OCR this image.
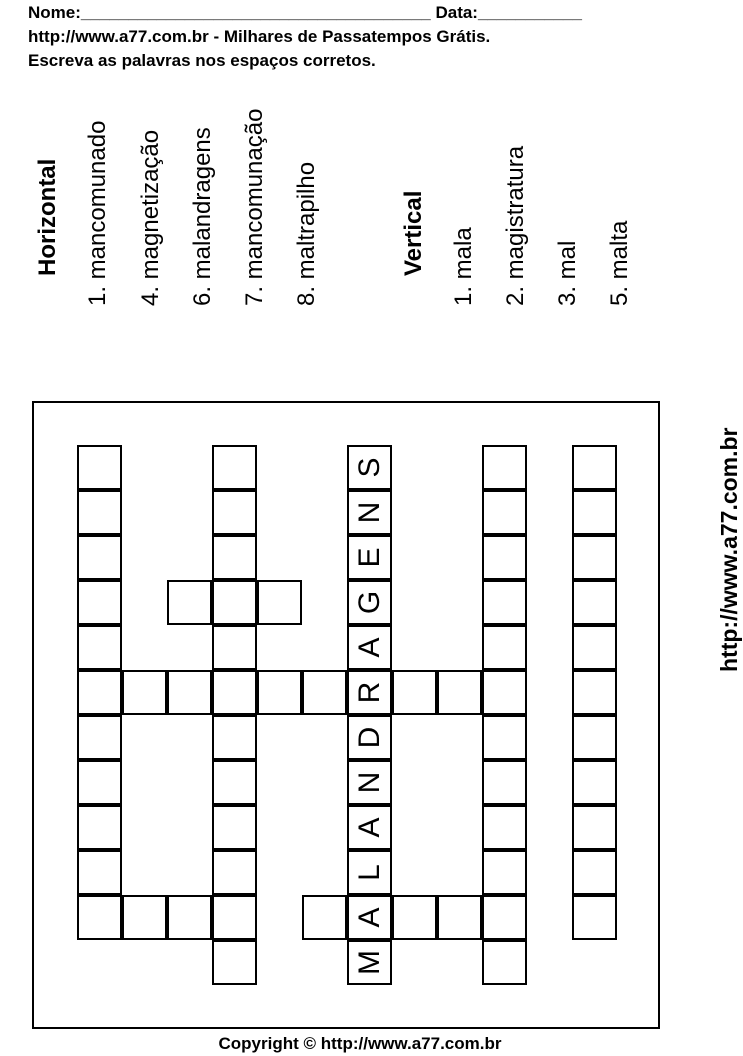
Nome:_____________________________________ Data:___________
http://www.a77.com.br - Milhares de Passatempos Grátis.
Escreva as palavras nos espaços corretos.
Horizontal 1. mancomunado 4. magnetização 6. malandragens 7. mancomunação 8. maltrapilho	Vertical 1. mala 2. magistratura 3. mal 5. malta
M
A
L
A
N
D
R
A
G
E
N
S	http://www.a77.com.br
Copyright © http://www.a77.com.br
